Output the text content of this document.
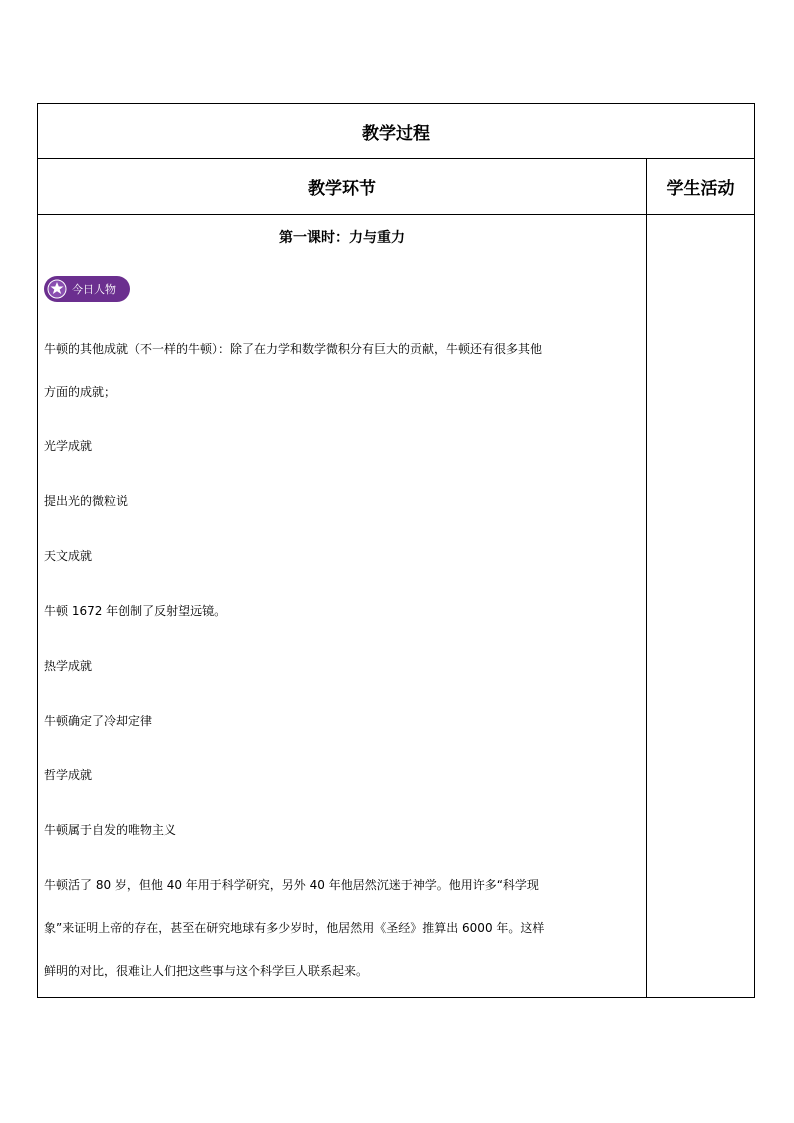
教学过程
教学环节	学生活动
第一课时：力与重力
今日人物
牛顿的其他成就（不一样的牛顿）：除了在力学和数学微积分有巨大的贡献，牛顿还有很多其他
方面的成就；
光学成就
提出光的微粒说
天文成就
牛顿 1672 年创制了反射望远镜。
热学成就
牛顿确定了冷却定律
哲学成就
牛顿属于自发的唯物主义
牛顿活了 80 岁，但他 40 年用于科学研究，另外 40 年他居然沉迷于神学。他用许多“科学现
象”来证明上帝的存在，甚至在研究地球有多少岁时，他居然用《圣经》推算出 6000 年。这样
鲜明的对比，很难让人们把这些事与这个科学巨人联系起来。
